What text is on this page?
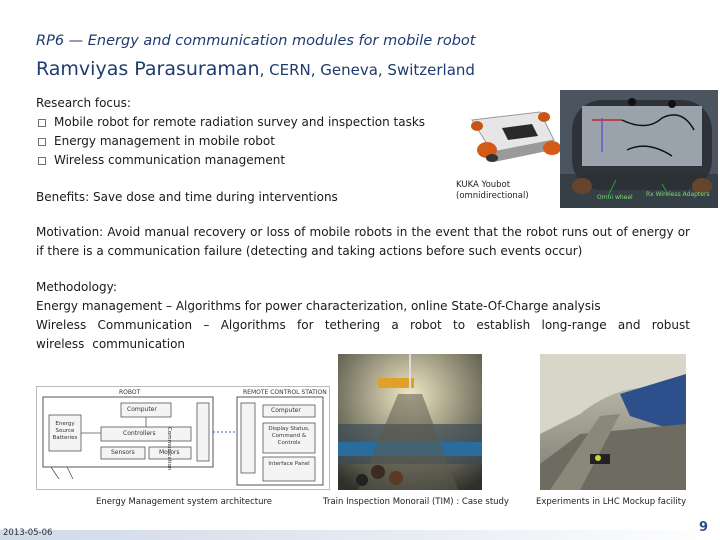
RP6 — Energy and communication modules for mobile robot
Ramviyas Parasuraman, CERN, Geneva, Switzerland
Research focus:
Mobile robot for remote radiation survey and inspection tasks
Energy management in mobile robot
Wireless communication management
Benefits: Save dose and time during interventions
KUKA Youbot
(omnidirectional)	Omni wheel Rx Wireless Adapters
Motivation: Avoid manual recovery or loss of mobile robots in the event that the robot runs out of energy or if there is a communication failure (detecting and taking actions before such events occur)
Methodology:
Energy management – Algorithms for power characterization, online State-Of-Charge analysis
Wireless Communication – Algorithms for tethering a robot to establish long-range and robust wireless communication
ROBOT	REMOTE CONTROL STATION
Computer
Controllers
Sensors	Motors
Energy Source Batteries	Communication
Computer
Display Status, Command & Controls
Interface Panel
Energy Management system architecture	Train Inspection Monorail (TIM) : Case study	Experiments in LHC Mockup facility
2013-05-06	9
